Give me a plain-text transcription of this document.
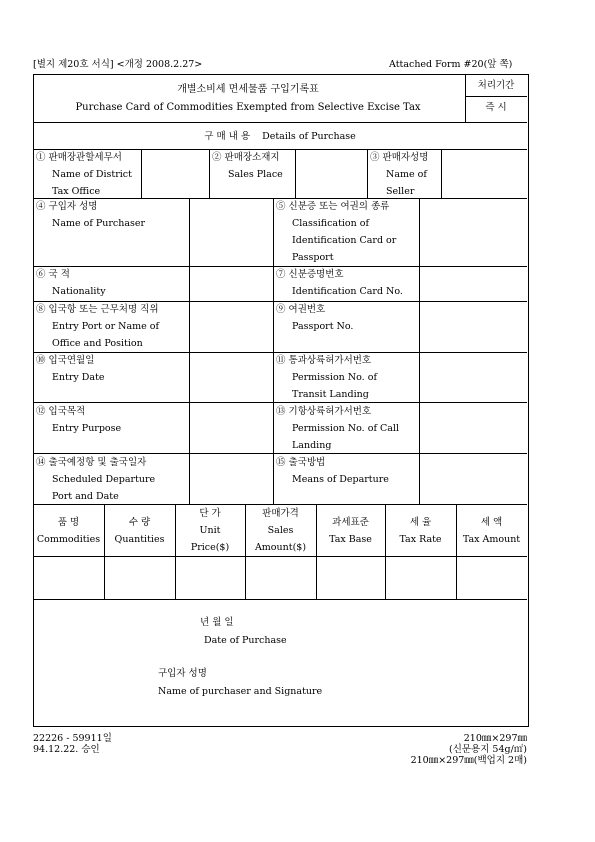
[별지 제20호 서식] <개정 2008.2.27>	Attached Form #20(앞 쪽)
개별소비세 면세물품 구입기록표
Purchase Card of Commodities Exempted from Selective Excise Tax
처리기간
즉 시
구 매 내 용 Details of Purchase
① 판매장관할세무서
Name of District
Tax Office
② 판매장소재지
Sales Place
③ 판매자성명
Name of
Seller
④ 구입자 성명
Name of Purchaser
⑤ 신분증 또는 여권의 종류
Classification of
Identification Card or
Passport
⑥ 국 적
Nationality
⑦ 신분증명번호
Identification Card No.
⑧ 입국항 또는 근무처명 직위
Entry Port or Name of
Office and Position
⑨ 여권번호
Passport No.
⑩ 입국연월일
Entry Date
⑪ 통과상륙허가서번호
Permission No. of
Transit Landing
⑫ 입국목적
Entry Purpose
⑬ 기항상륙허가서번호
Permission No. of Call
Landing
⑭ 출국예정항 및 출국일자
Scheduled Departure
Port and Date
⑮ 출국방법
Means of Departure
품 명
Commodities
수 량
Quantities
단 가
Unit
Price($)
판매가격
Sales
Amount($)
과세표준
Tax Base
세 율
Tax Rate
세 액
Tax Amount
년 월 일
Date of Purchase
구입자 성명
Name of purchaser and Signature
22226 - 59911일
94.12.22. 승인
210㎜×297㎜
(신문용지 54g/㎡)
210㎜×297㎜(백업지 2매)
